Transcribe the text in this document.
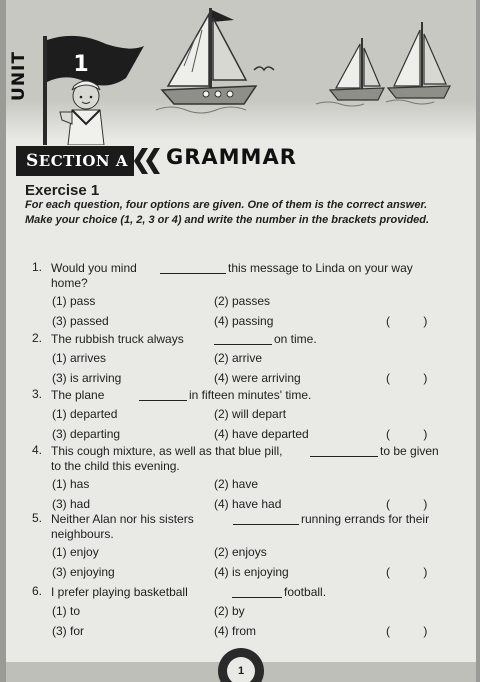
UNIT 1
SECTION A GRAMMAR
Exercise 1
For each question, four options are given. One of them is the correct answer. Make your choice (1, 2, 3 or 4) and write the number in the brackets provided.
1. Would you mind	this message to Linda on your way
home?
(1) pass	(2) passes
(3) passed	(4) passing	(          )
2. The rubbish truck always	on time.
(1) arrives	(2) arrive
(3) is arriving	(4) were arriving	(          )
3. The plane	in fifteen minutes' time.
(1) departed	(2) will depart
(3) departing	(4) have departed	(          )
4. This cough mixture, as well as that blue pill,	to be given
to the child this evening.
(1) has	(2) have
(3) had	(4) have had	(          )
5. Neither Alan nor his sisters	running errands for their
neighbours.
(1) enjoy	(2) enjoys
(3) enjoying	(4) is enjoying	(          )
6. I prefer playing basketball	football.
(1) to	(2) by
(3) for	(4) from	(          )
1
